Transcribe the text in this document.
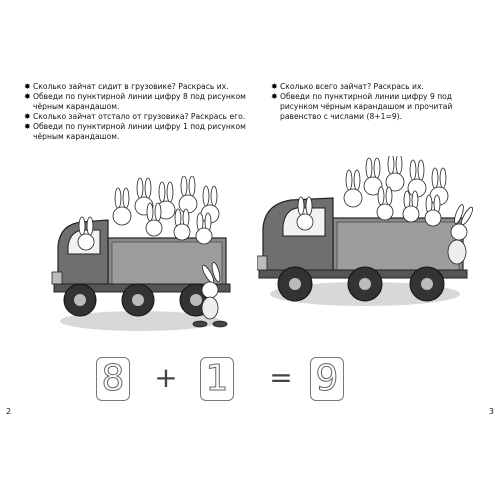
✸ Сколько зайчат сидит в грузовике? Раскрась их.
✸ Обведи по пунктирной линии цифру 8 под рисунком чёрным карандашом.
✸ Сколько зайчат отстало от грузовика? Раскрась его.
✸ Обведи по пунктирной линии цифру 1 под рисунком чёрным карандашом.
2
✸ Сколько всего зайчат? Раскрась их.
✸ Обведи по пунктирной линии цифру 9 под рисунком чёрным карандашом и прочитай равенство с числами (8+1=9).
3
8 + 1 = 9
